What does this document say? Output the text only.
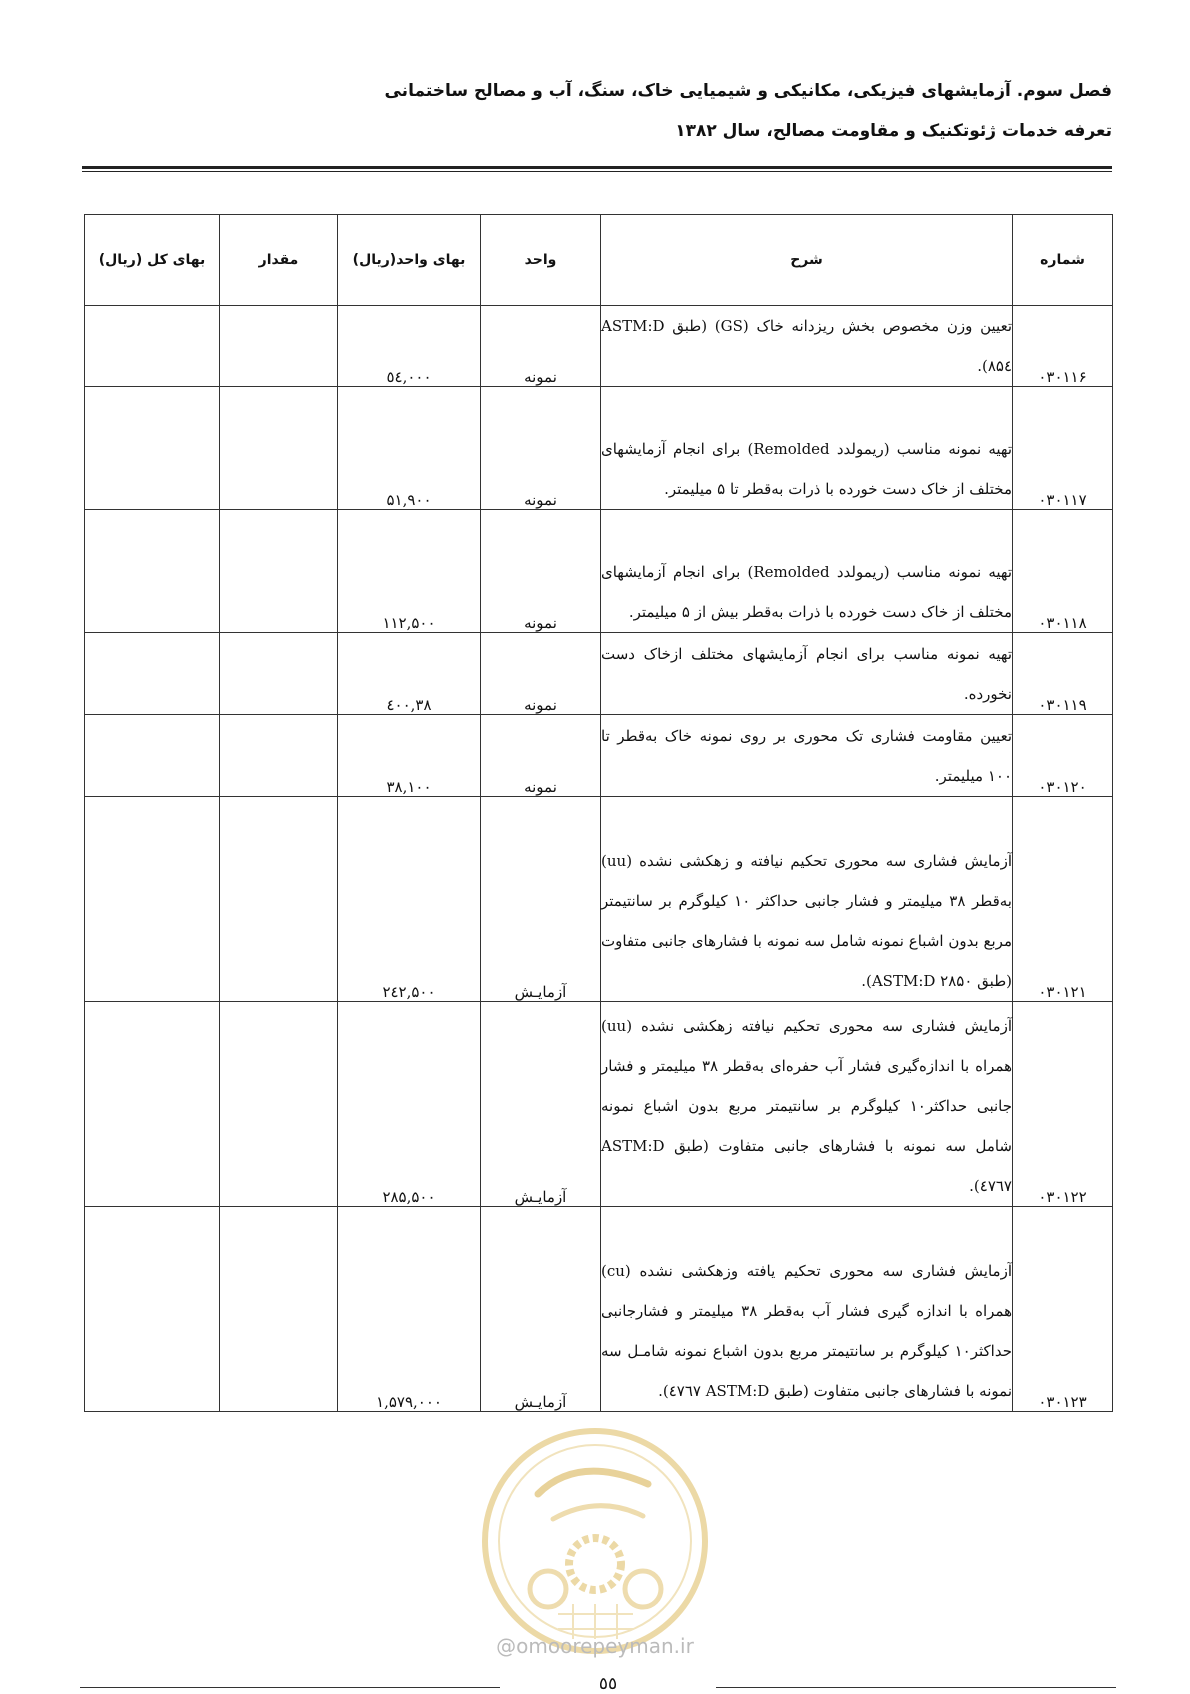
فصل سوم. آزمایشهای فیزیکی، مکانیکی و شیمیایی خاک، سنگ، آب و مصالح ساختمانی
تعرفه خدمات ژئوتکنیک و مقاومت مصالح، سال ۱۳۸۲
شماره	شرح	واحد	بهای واحد(ریال)	مقدار	بهای کل (ریال)
۰۳۰۱۱۶	تعیین وزن مخصوص بخش ریزدانه خاک (GS) (طبق ASTM:D ۸۵٤).	نمونه	۰۰۰,٥٤		
۰۳۰۱۱۷	تهیه نمونه مناسب (ریمولدد Remolded) برای انجام آزمایشهای مختلف از خاک دست خورده با ذرات به‌قطر تا ۵ میلیمتر.	نمونه	۵۱,۹۰۰		
۰۳۰۱۱۸	تهیه نمونه مناسب (ریمولدد Remolded) برای انجام آزمایشهای مختلف از خاک دست خورده با ذرات به‌قطر بیش از ۵ میلیمتر.	نمونه	۱۱۲,۵۰۰		
۰۳۰۱۱۹	تهیه نمونه مناسب برای انجام آزمایشهای مختلف ازخاک دست نخورده.	نمونه	۳۸,٤۰۰		
۰۳۰۱۲۰	تعیین مقاومت فشاری تک محوری بر روی نمونه خاک به‌قطر تا ۱۰۰ میلیمتر.	نمونه	۳۸,۱۰۰		
۰۳۰۱۲۱	آزمایش فشاری سه محوری تحکیم نیافته و زهکشی نشده (uu) به‌قطر ۳۸ میلیمتر و فشار جانبی حداکثر ۱۰ کیلوگرم بر سانتیمتر مربع بدون اشباع نمونه شامل سه نمونه با فشارهای جانبی متفاوت (طبق ASTM:D ۲۸۵۰).	آزمایـش	۲٤۲,۵۰۰		
۰۳۰۱۲۲	آزمایش فشاری سه محوری تحکیم نیافته زهکشی نشده (uu) همراه با اندازه‌گیری فشار آب حفره‌ای به‌قطر ۳۸ میلیمتر و فشار جانبی حداکثر۱۰ کیلوگرم بر سانتیمتر مربع بدون اشباع نمونه شامل سه نمونه با فشارهای جانبی متفاوت (طبق ASTM:D ٤٧٦٧).	آزمایـش	۲۸۵,۵۰۰		
۰۳۰۱۲۳	آزمایش فشاری سه محوری تحکیم یافته وزهکشی نشده (cu) همراه با اندازه گیری فشار آب به‌قطر ۳۸ میلیمتر و فشارجانبی حداکثر۱۰ کیلوگرم بر سانتیمتر مربع بدون اشباع نمونه شامـل سه نمونه با فشارهای جانبی متفاوت (طبق ASTM:D ٤٧٦٧).	آزمایـش	۱,۵۷۹,۰۰۰		
٥٥
@omoorepeyman.ir
